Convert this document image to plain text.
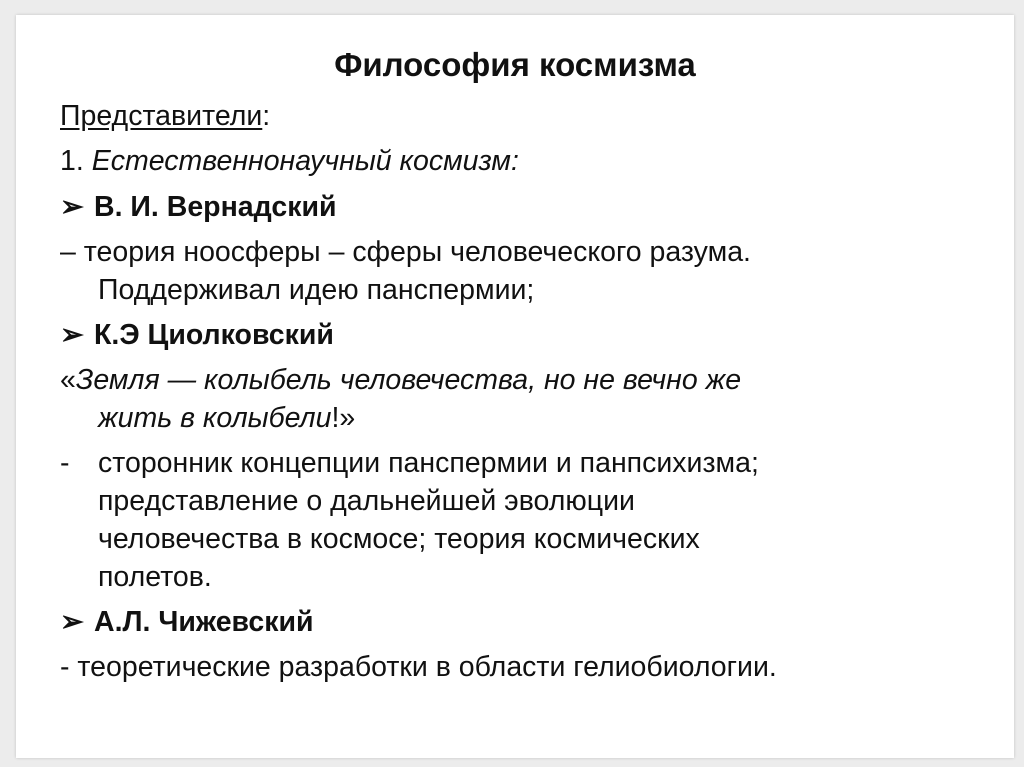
Философия космизма
Представители:
1. Естественнонаучный космизм:
➢ В. И. Вернадский
– теория ноосферы – сферы человеческого разума.
Поддерживал идею панспермии;
➢ К.Э Циолковский
«Земля — колыбель человечества, но не вечно же
жить в колыбели!»
- сторонник концепции панспермии и панпсихизма;
представление о дальнейшей эволюции
человечества в космосе; теория космических
полетов.
➢ А.Л. Чижевский
- теоретические разработки в области гелиобиологии.
